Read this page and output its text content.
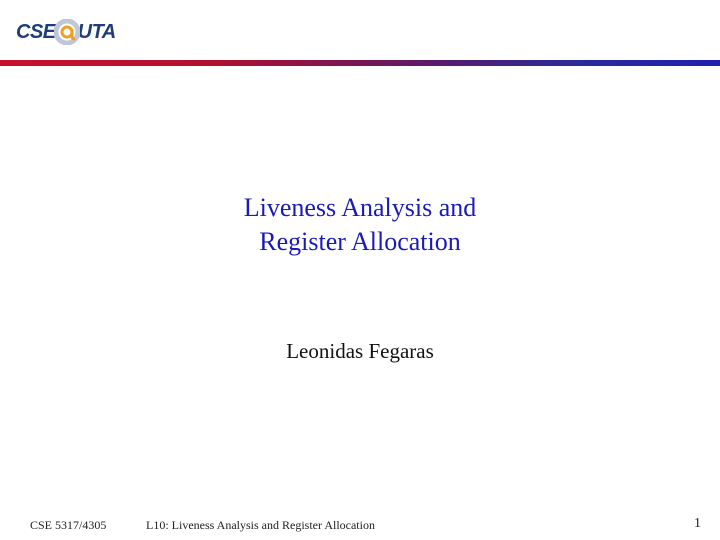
CSE UTA
Liveness Analysis and
Register Allocation
Leonidas Fegaras
CSE 5317/4305	L10: Liveness Analysis and Register Allocation	1
